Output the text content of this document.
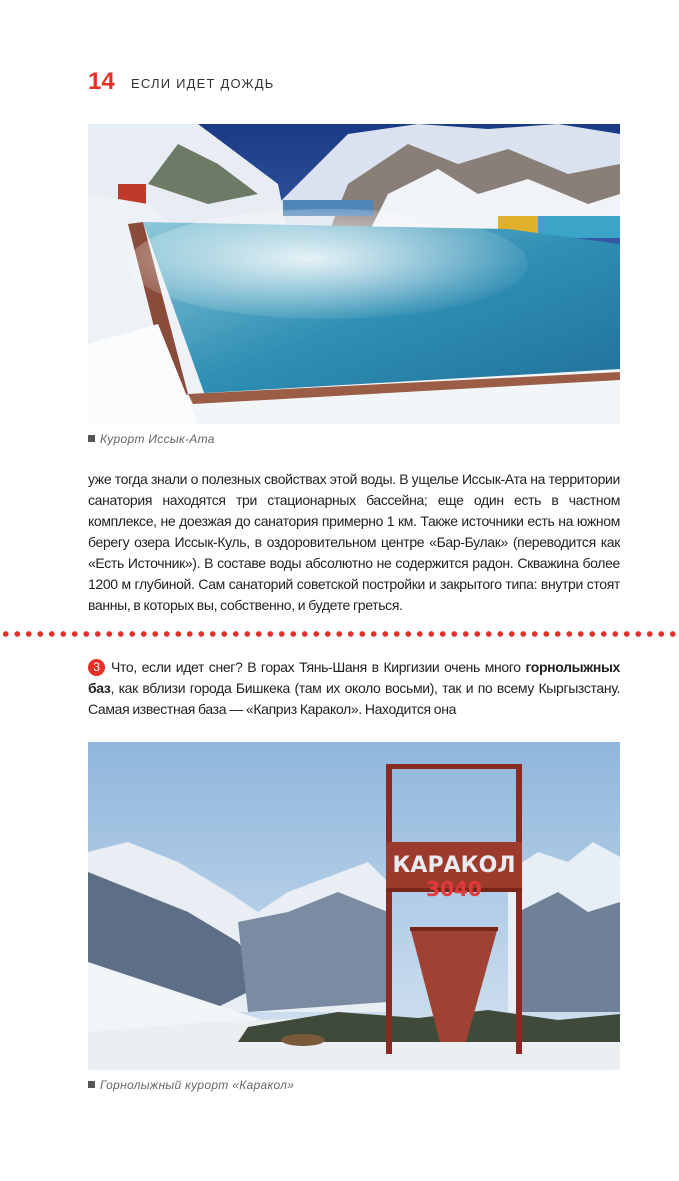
14 ЕСЛИ ИДЕТ ДОЖДЬ
Курорт Иссык-Ата
уже тогда знали о полезных свойствах этой воды. В ущелье Иссык-Ата на территории санатория находятся три стационарных бассейна; еще один есть в частном комплексе, не доезжая до санатория примерно 1 км. Также источники есть на южном берегу озера Иссык-Куль, в оздоровительном центре «Бар-Булак» (переводится как «Есть Источник»). В составе воды абсолютно не содержится радон. Скважина более 1200 м глубиной. Сам санаторий советской постройки и закрытого типа: внутри стоят ванны, в которых вы, собственно, и будете греться.
3 Что, если идет снег? В горах Тянь-Шаня в Киргизии очень много горнолыжных баз, как вблизи города Бишкека (там их около восьми), так и по всему Кыргызстану. Самая известная база — «Каприз Каракол». Находится она
КАРАКОЛ
3040
Горнолыжный курорт «Каракол»
